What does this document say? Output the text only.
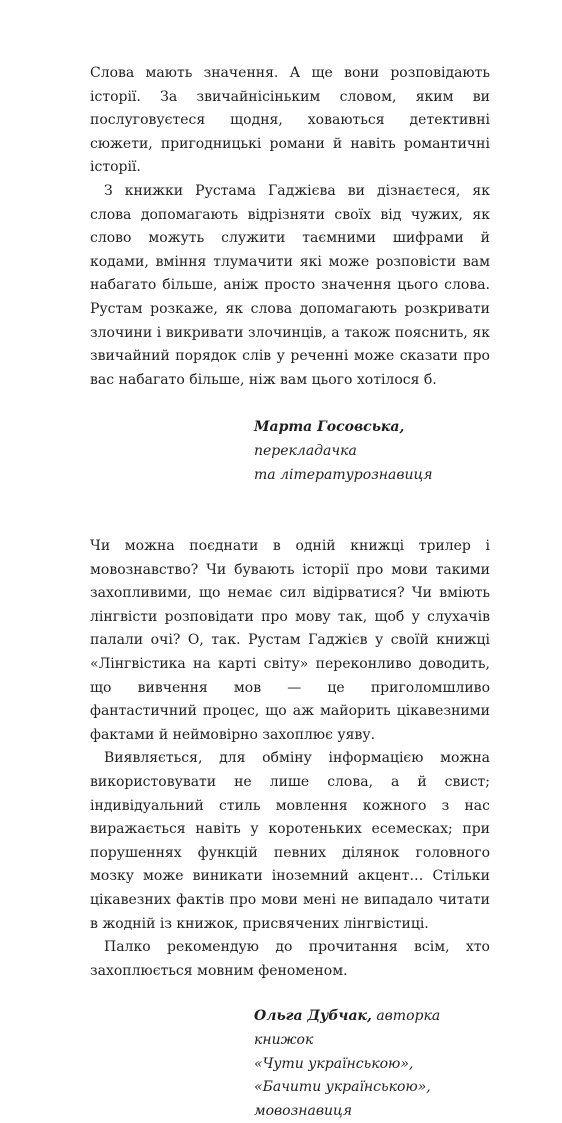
Слова мають значення. А ще вони розповідають історії. За звичайнісіньким словом, яким ви послуговуєтеся щодня, ховаються детективні сюжети, пригодницькі романи й навіть романтичні історії.

З книжки Рустама Гаджієва ви дізнаєтеся, як слова допомагають відрізняти своїх від чужих, як слово можуть служити таємними шифрами й кодами, вміння тлумачити які може розповісти вам набагато більше, аніж просто значення цього слова. Рустам розкаже, як слова допомагають розкривати злочини і викривати злочинців, а також пояснить, як звичайний порядок слів у реченні може сказати про вас набагато більше, ніж вам цього хотілося б.

Марта Госовська, перекладачка
та літературознавиця

Чи можна поєднати в одній книжці трилер і мовознавство? Чи бувають історії про мови такими захопливими, що немає сил відірватися? Чи вміють лінгвісти розповідати про мову так, щоб у слухачів палали очі? О, так. Рустам Гаджієв у своїй книжці «Лінгвістика на карті світу» переконливо доводить, що вивчення мов — це приголомшливо фантастичний процес, що аж майорить цікавезними фактами й неймовірно захоплює уяву.

Виявляється, для обміну інформацією можна використовувати не лише слова, а й свист; індивідуальний стиль мовлення кожного з нас виражається навіть у коротеньких есемесках; при порушеннях функцій певних ділянок головного мозку може виникати іноземний акцент… Стільки цікавезних фактів про мови мені не випадало читати в жодній із книжок, присвячених лінгвістиці.

Палко рекомендую до прочитання всім, хто захоплюється мовним феноменом.

Ольга Дубчак, авторка книжок
«Чути українською»,
«Бачити українською», мовознавиця
